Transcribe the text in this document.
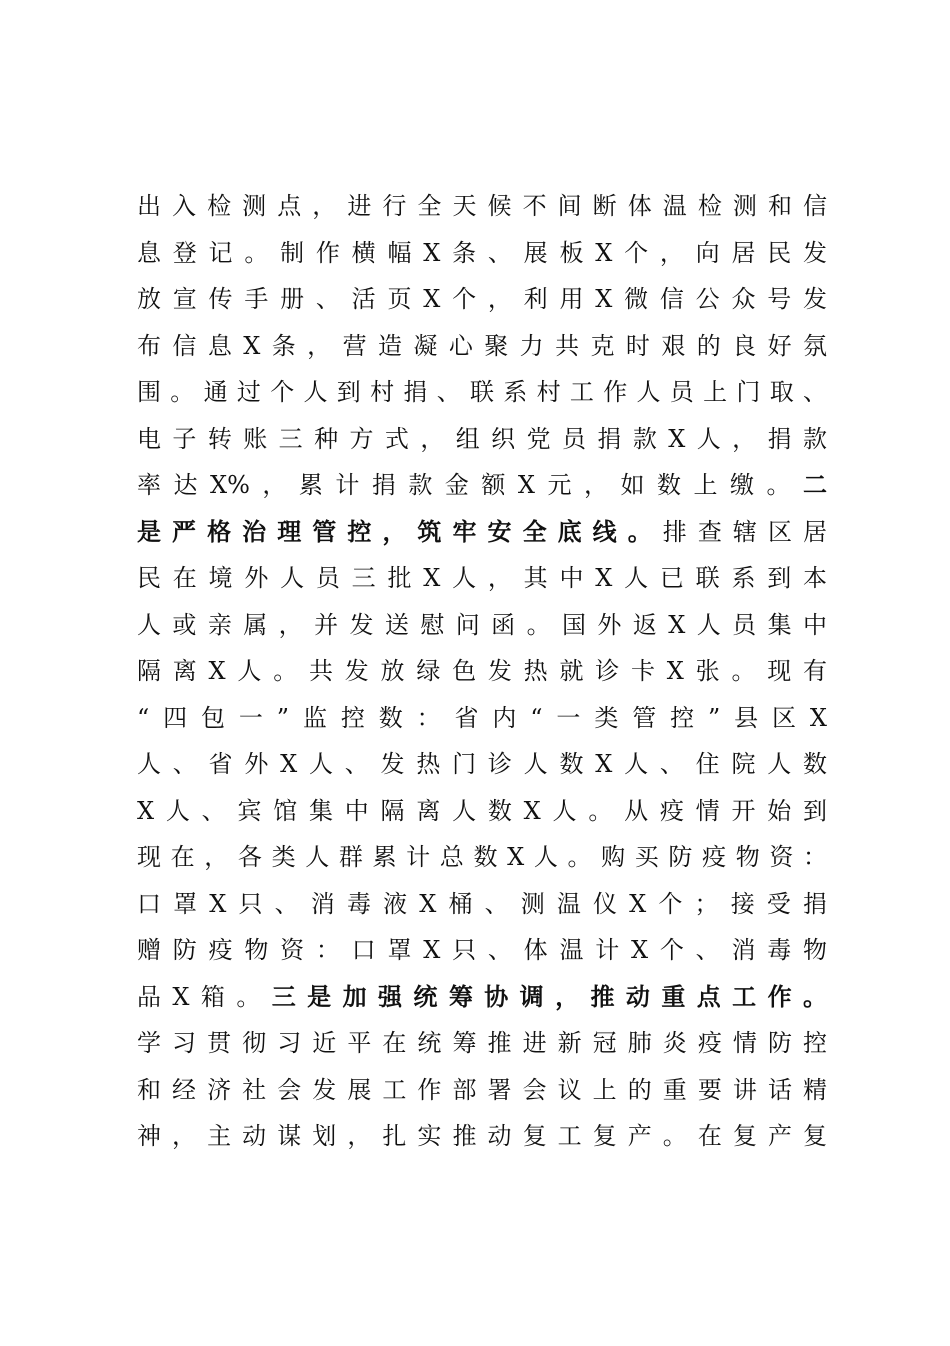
出入检测点，进行全天候不间断体温检测和信
息登记。制作横幅X条、展板X个，向居民发
放宣传手册、活页X个，利用X微信公众号发
布信息X条，营造凝心聚力共克时艰的良好氛
围。通过个人到村捐、联系村工作人员上门取、
电子转账三种方式，组织党员捐款X人，捐款
率达X%，累计捐款金额X元，如数上缴。二
是严格治理管控，筑牢安全底线。排查辖区居
民在境外人员三批X人，其中X人已联系到本
人或亲属，并发送慰问函。国外返X人员集中
隔离X人。共发放绿色发热就诊卡X张。现有
“四包一”监控数：省内“一类管控”县区X
人、省外X人、发热门诊人数X人、住院人数
X人、宾馆集中隔离人数X人。从疫情开始到
现在，各类人群累计总数X人。购买防疫物资：
口罩X只、消毒液X桶、测温仪X个；接受捐
赠防疫物资：口罩X只、体温计X个、消毒物
品X箱。三是加强统筹协调，推动重点工作。
学习贯彻习近平在统筹推进新冠肺炎疫情防控
和经济社会发展工作部署会议上的重要讲话精
神，主动谋划，扎实推动复工复产。在复产复
